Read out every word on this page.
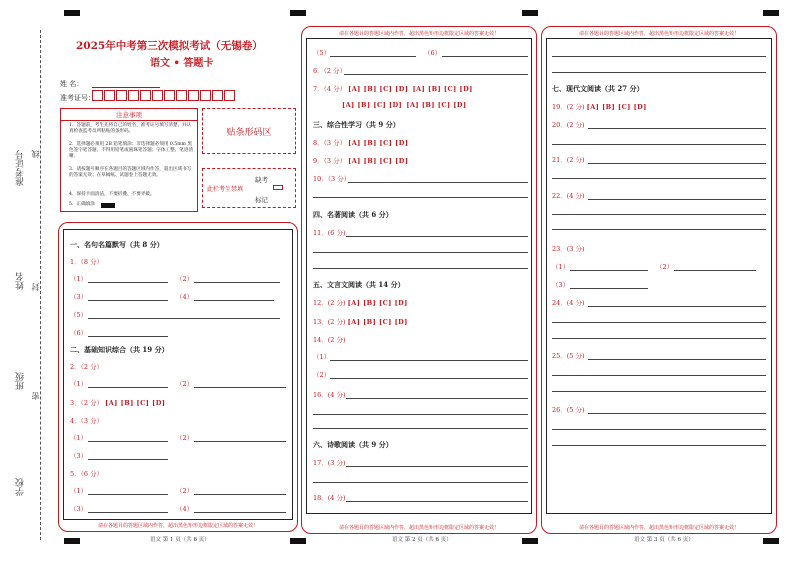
准考证号 线
姓名 封
班级
密
学校
2025年中考第三次模拟考试（无锡卷）
语文 • 答题卡
姓 名：
准考证号：
注意事项
1．答题前，考生先将自己的姓名，准考证号填写清楚，并认真检查监考员所粘贴的条形码。
2．选择题必须用 2B 铅笔填涂；非选择题必须用 0.5mm 黑色签字笔答题，不得用铅笔或圆珠笔答题；字体工整、笔迹清晰。
3．请按题号顺序在各题目的答题区域内作答，超出区域书写的答案无效；在草稿纸、试题卷上答题无效。
4．保持卡面清洁，不要折叠、不要弄破。
5．正确填涂
贴条形码区
缺考
此栏考生禁填
标记
请在各题目的答题区域内作答，超出黑色矩形边框限定区域的答案无效！
一、名句名篇默写（共 8 分）
1．（8 分）
（1）	（2）
（3）	（4）
（5）
（6）
二、基础知识综合（共 19 分）
2．（2 分）
（1）	（2）
3．（2 分） [A] [B] [C] [D]
4．（3 分）
（1）	（2）
（3）
5．（6 分）
（1）	（2）
（3）	（4）
语文 第 1 页（共 6 页）
请在各题目的答题区域内作答，超出黑色矩形边框限定区域的答案无效！
请在各题目的答题区域内作答，超出黑色矩形边框限定区域的答案无效！
（5）	（6）
6．（2 分）
7．（4 分） [A] [B] [C] [D] [A] [B] [C] [D]
[A] [B] [C] [D] [A] [B] [C] [D]
三、综合性学习（共 9 分）
8．（3 分） [A] [B] [C] [D]
9．（3 分） [A] [B] [C] [D]
10．（3 分）
四、名著阅读（共 6 分）
11．(6 分)
五、文言文阅读（共 14 分）
12．(2 分) [A] [B] [C] [D]
13．(2 分) [A] [B] [C] [D]
14．(2 分)
（1）
（2）
16．(4 分)
六、诗歌阅读（共 9 分）
17．(3 分)
18．(4 分)
语文 第 2 页（共 6 页）
请在各题目的答题区域内作答，超出黑色矩形边框限定区域的答案无效！
请在各题目的答题区域内作答，超出黑色矩形边框限定区域的答案无效！
七、现代文阅读（共 27 分）
19．(2 分) [A] [B] [C] [D]
20．(2 分)
21．(2 分)
22．(4 分)
23．(3 分)
（1）	（2）
（3）
24．(4 分)
25．(5 分)
26．(5 分)
语文 第 3 页（共 6 页）
